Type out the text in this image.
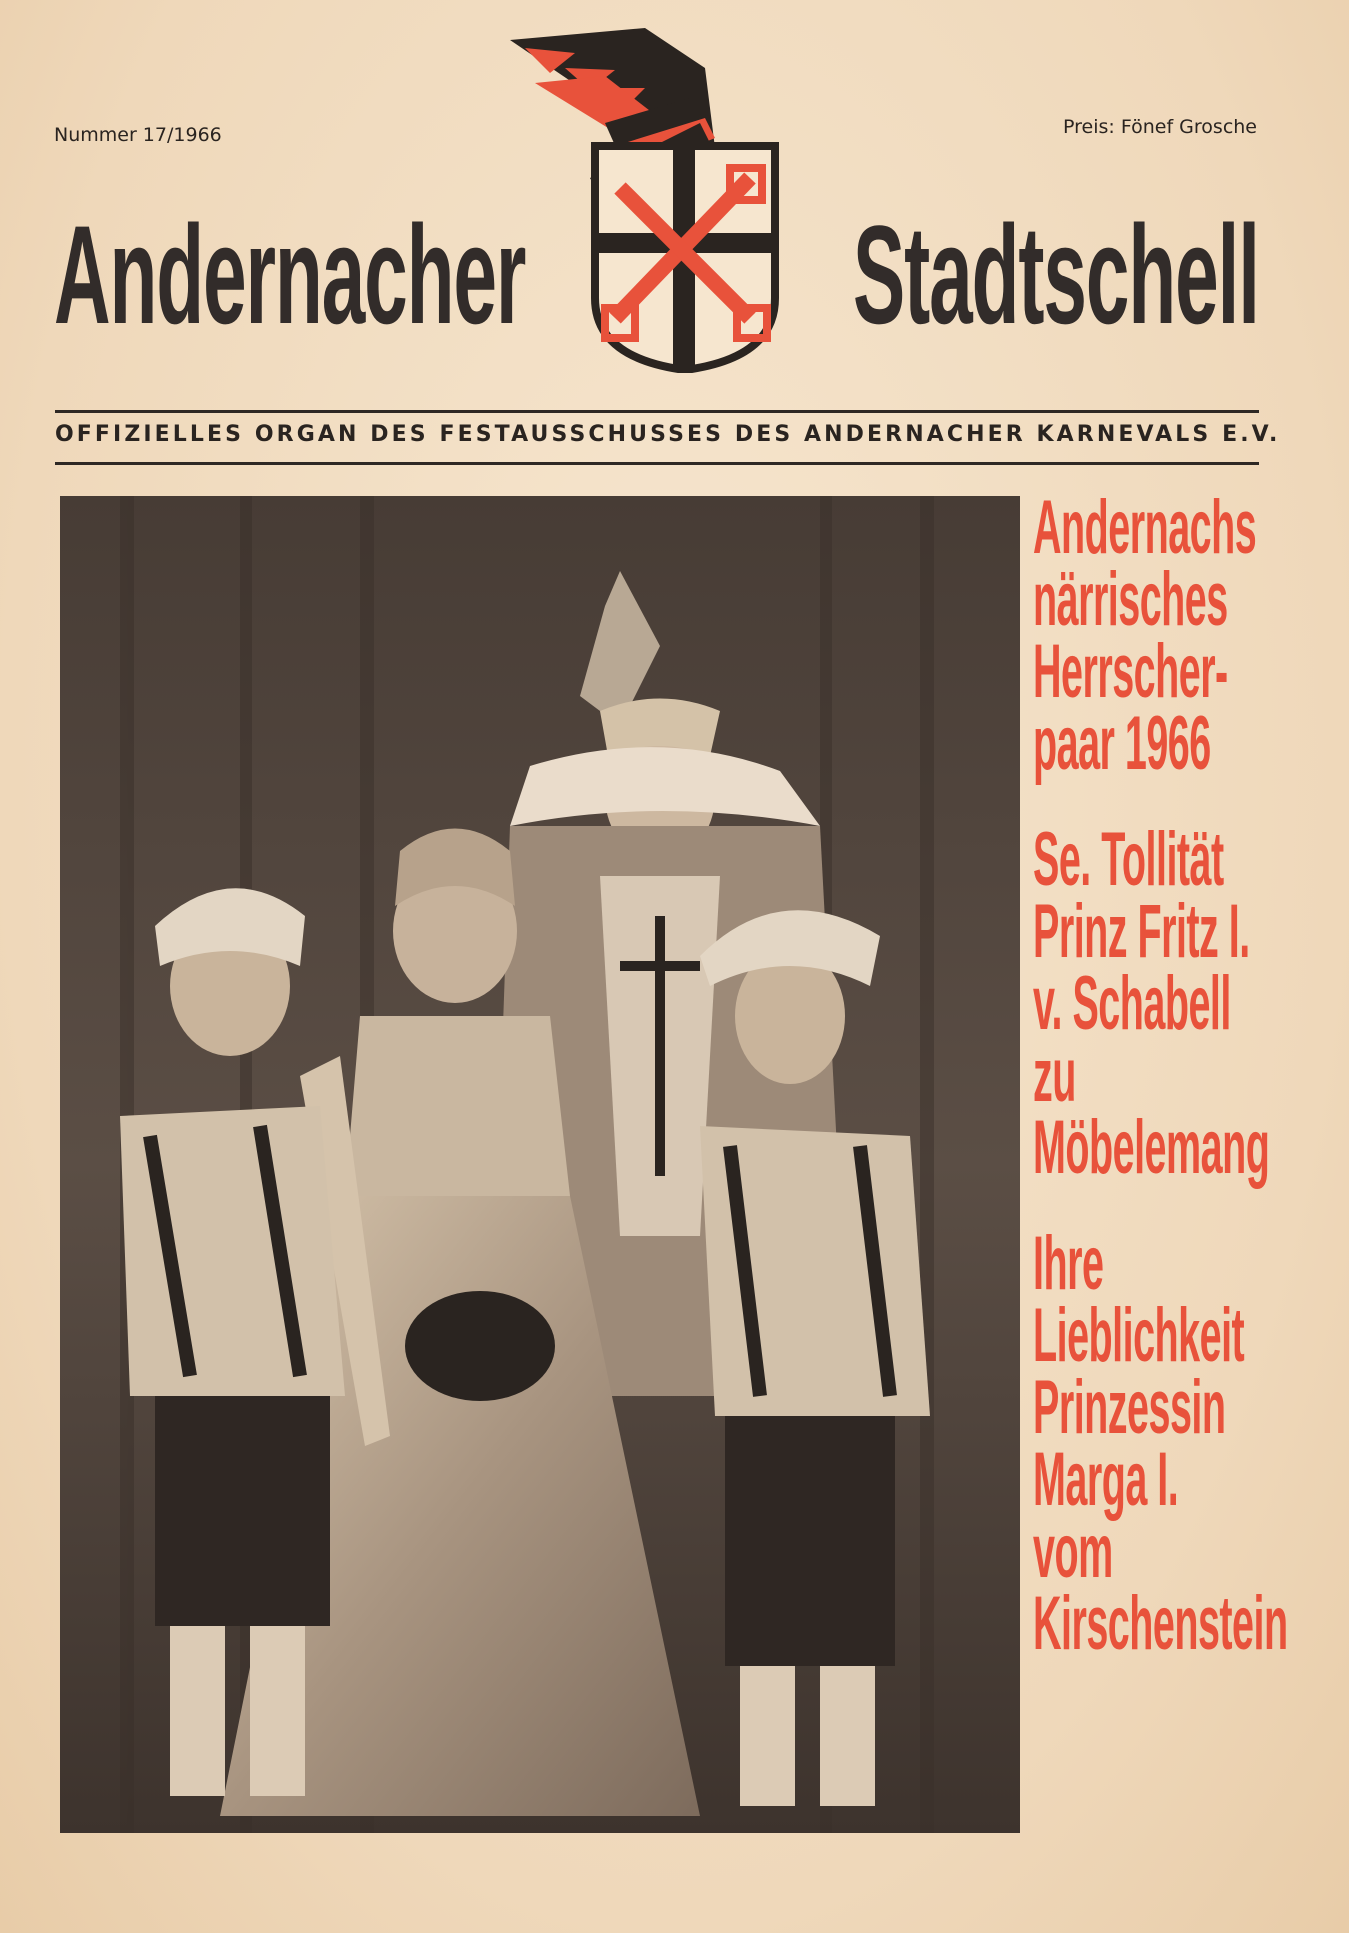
Nummer 17/1966	Preis: Fönef Grosche
Andernacher Stadtschell
OFFIZIELLES ORGAN DES FESTAUSSCHUSSES DES ANDERNACHER KARNEVALS E.V.
Andernachs
närrisches
Herrscher-
paar 1966
Se. Tollität
Prinz Fritz I.
v. Schabell
zu
Möbelemang
Ihre
Lieblichkeit
Prinzessin
Marga I.
vom
Kirschenstein
